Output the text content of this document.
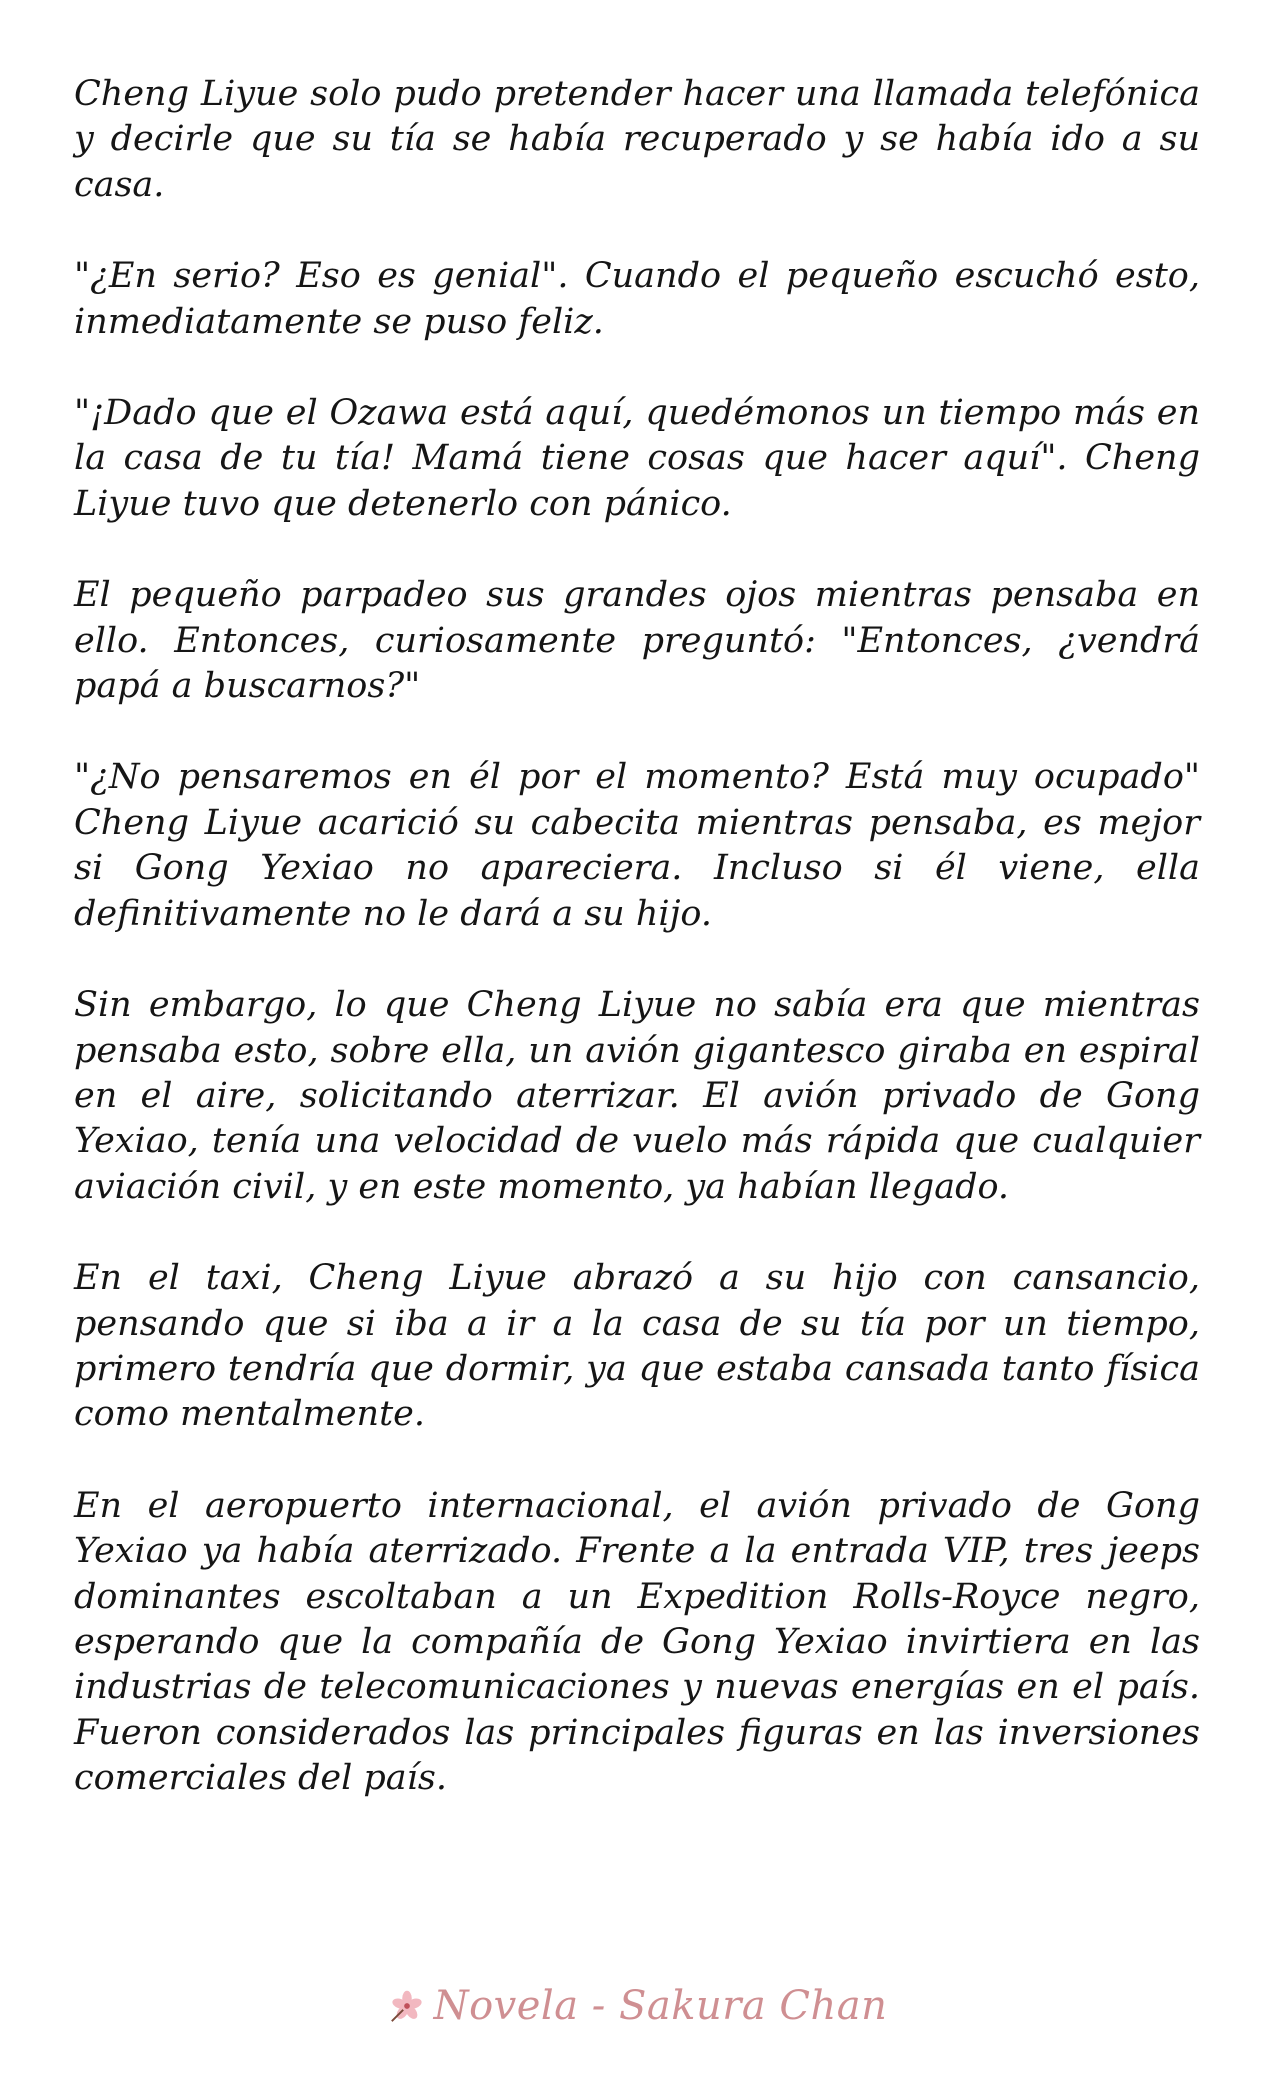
Cheng Liyue solo pudo pretender hacer una llamada telefónica y decirle que su tía se había recuperado y se había ido a su casa.

"¿En serio? Eso es genial". Cuando el pequeño escuchó esto, inmediatamente se puso feliz.

"¡Dado que el Ozawa está aquí, quedémonos un tiempo más en la casa de tu tía! Mamá tiene cosas que hacer aquí". Cheng Liyue tuvo que detenerlo con pánico.

El pequeño parpadeo sus grandes ojos mientras pensaba en ello. Entonces, curiosamente preguntó: "Entonces, ¿vendrá papá a buscarnos?"

"¿No pensaremos en él por el momento? Está muy ocupado" Cheng Liyue acarició su cabecita mientras pensaba, es mejor si Gong Yexiao no apareciera. Incluso si él viene, ella definitivamente no le dará a su hijo.

Sin embargo, lo que Cheng Liyue no sabía era que mientras pensaba esto, sobre ella, un avión gigantesco giraba en espiral en el aire, solicitando aterrizar. El avión privado de Gong Yexiao, tenía una velocidad de vuelo más rápida que cualquier aviación civil, y en este momento, ya habían llegado.

En el taxi, Cheng Liyue abrazó a su hijo con cansancio, pensando que si iba a ir a la casa de su tía por un tiempo, primero tendría que dormir, ya que estaba cansada tanto física como mentalmente.

En el aeropuerto internacional, el avión privado de Gong Yexiao ya había aterrizado. Frente a la entrada VIP, tres jeeps dominantes escoltaban a un Expedition Rolls-Royce negro, esperando que la compañía de Gong Yexiao invirtiera en las industrias de telecomunicaciones y nuevas energías en el país. Fueron considerados las principales figuras en las inversiones comerciales del país.

Novela - Sakura Chan
